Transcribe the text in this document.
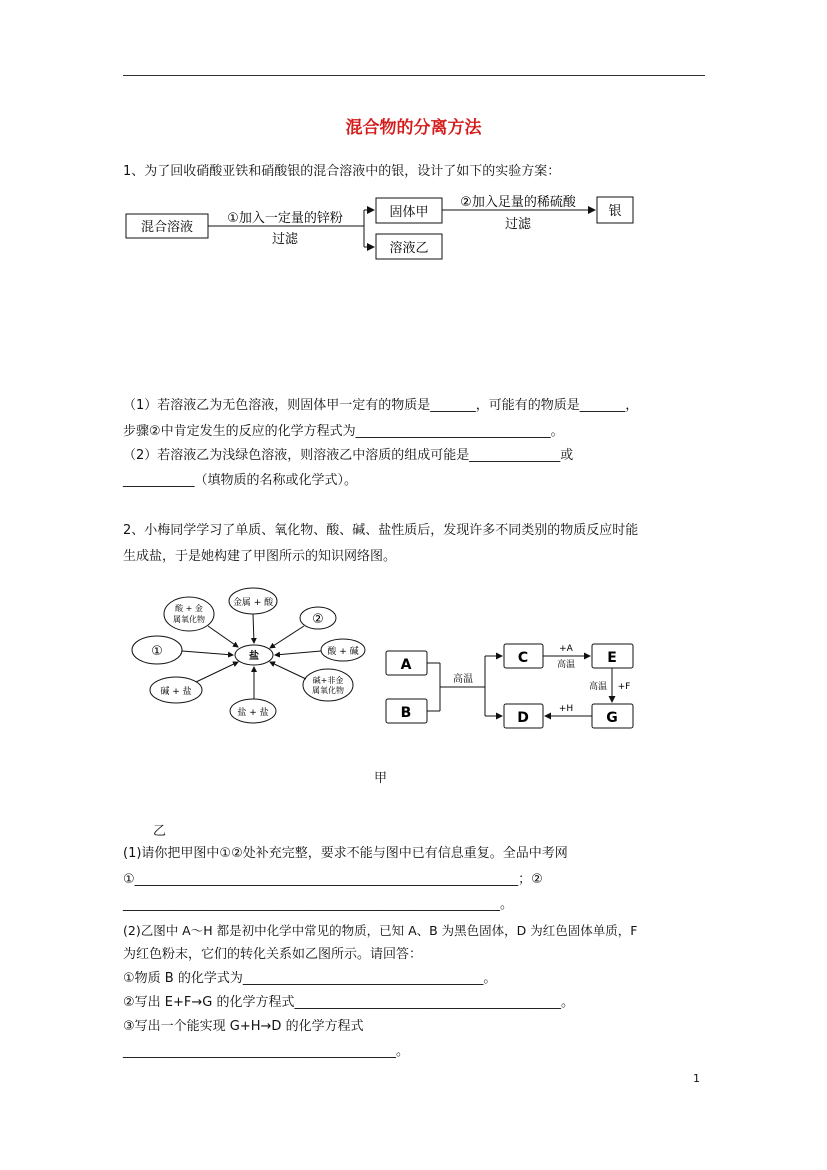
混合物的分离方法
1、为了回收硝酸亚铁和硝酸银的混合溶液中的银，设计了如下的实验方案：
混合溶液
①加入一定量的锌粉
过滤
固体甲
溶液乙
②加入足量的稀硫酸
过滤
银
（1）若溶液乙为无色溶液，则固体甲一定有的物质是_______，可能有的物质是_______，
步骤②中肯定发生的反应的化学方程式为______________________________。
（2）若溶液乙为浅绿色溶液，则溶液乙中溶质的组成可能是______________或
___________（填物质的名称或化学式）。
2、小梅同学学习了单质、氧化物、酸、碱、盐性质后，发现许多不同类别的物质反应时能
生成盐，于是她构建了甲图所示的知识网络图。
盐
酸 + 金
属氧化物
金属 + 酸
②
酸 + 碱
碱+非金
属氧化物
盐 + 盐
碱 + 盐
①
A
B
高温
C
D
+A
高温 E
高温 +F
G
+H
甲
乙
(1)请你把甲图中①②处补充完整，要求不能与图中已有信息重复。全品中考网
①___________________________________________________________；②
__________________________________________________________。
(2)乙图中 A～H 都是初中化学中常见的物质，已知 A、B 为黑色固体，D 为红色固体单质，F
为红色粉末，它们的转化关系如乙图所示。请回答：
①物质 B 的化学式为_____________________________________。
②写出 E+F→G 的化学方程式_________________________________________。
③写出一个能实现 G+H→D 的化学方程式
__________________________________________。
1
